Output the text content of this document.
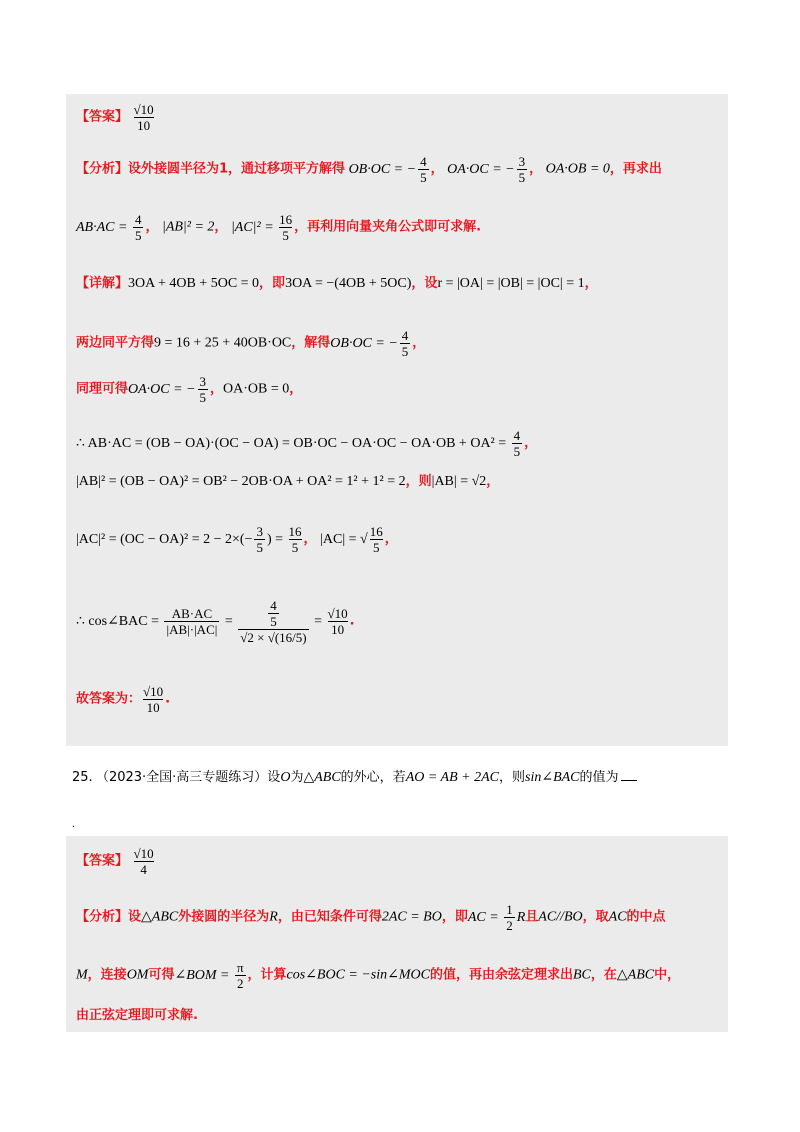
【答案】 $\frac{√10}{10}$
【分析】设外接圆半径为1，通过移项平方解得 OB·OC = − $\frac{4}{5}$ ， OA·OC = − $\frac{3}{5}$ ， OA·OB = 0，再求出
$AB\cdot AC = \frac{4}{5}$ ， |AB|² = 2， $|AC|^2 = \frac{16}{5}$ ，再利用向量夹角公式即可求解.
【详解】3OA + 4OB + 5OC = 0，即3OA = −(4OB + 5OC)，设r = |OA| = |OB| = |OC| = 1，
两边同平方得9 = 16 + 25 + 40OB·OC，解得OB·OC = − $\frac{4}{5}$ ，
同理可得OA·OC = − $\frac{3}{5}$ ，OA·OB = 0，
∴ $AB\cdot AC = (OB - OA)\cdot(OC - OA) = OB\cdot OC - OA\cdot OC - OA\cdot OB + OA^2 = \frac{4}{5}$ ，
|AB|² = (OB − OA)² = OB² − 2OB·OA + OA² = 1² + 1² = 2，则|AB| = √2，
$|AC|^2 = (OC - OA)^2 = 2 - 2\times(- \frac{3}{5}$ ) = $\frac{16}{5}$ ， |AC| = √ $\frac{16}{5}$ ，
∴ cos∠BAC = $\frac{AB\cdot AC}{|AB|\cdot|AC|} = \frac{\frac{4}{5}}{√2 \times √(16/5)} = \frac{√10}{10}$ .
故答案为： $\frac{√10}{10}$ .
25. （2023·全国·高三专题练习）设O为△ABC的外心，若AO = AB + 2AC，则sin∠BAC的值为
.
【答案】 $\frac{√10}{4}$
【分析】设△ABC外接圆的半径为R，由已知条件可得2AC = BO，即AC = $\frac{1}{2}$ R且AC//BO，取AC的中点
M，连接OM可得∠BOM = $\frac{\pi}{2}$ ，计算cos∠BOC = −sin∠MOC的值，再由余弦定理求出BC，在△ABC中，
由正弦定理即可求解.
